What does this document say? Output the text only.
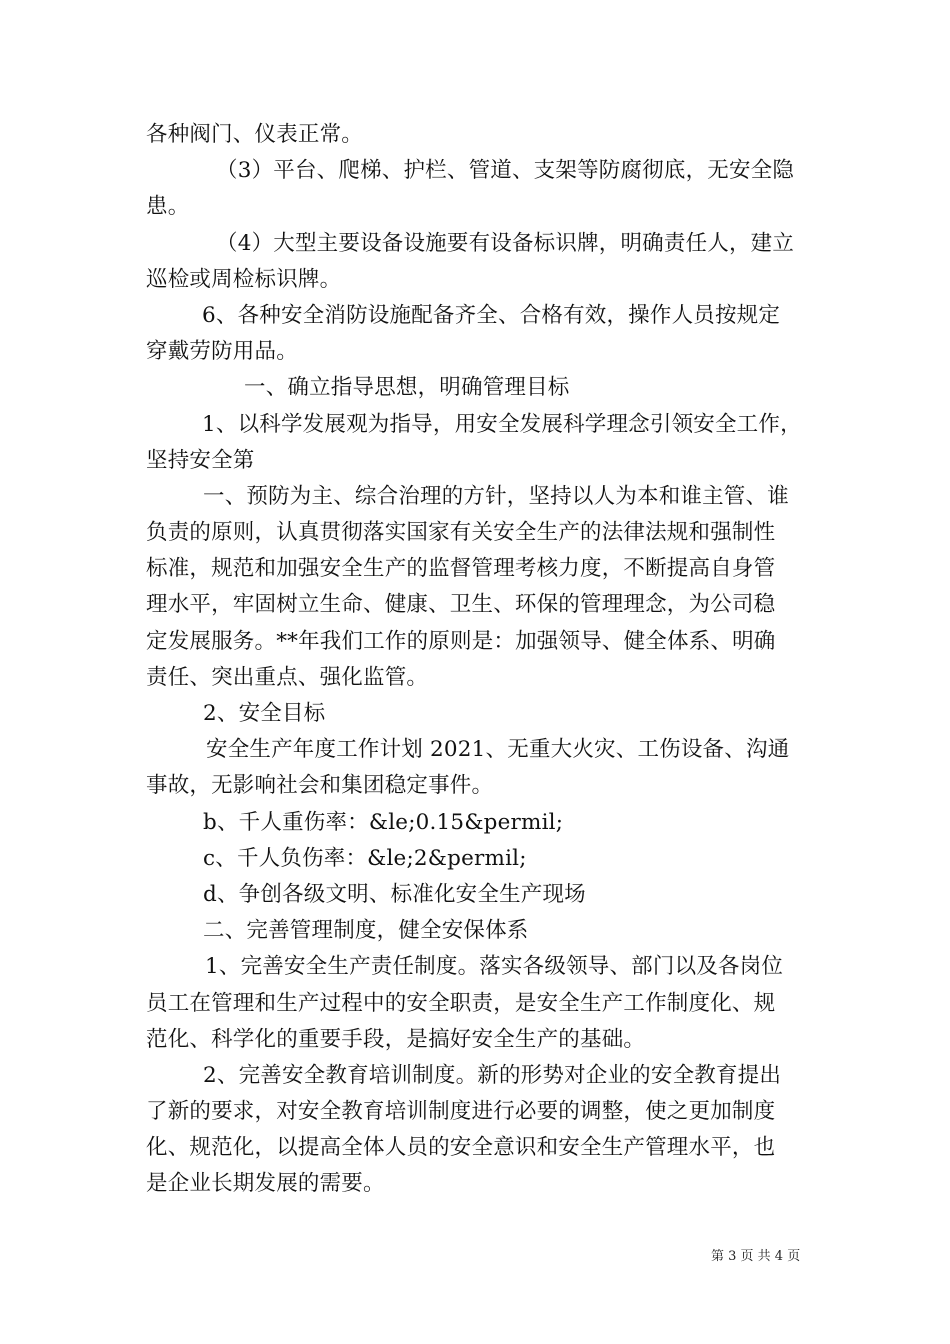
各种阀门、仪表正常。
（3）平台、爬梯、护栏、管道、支架等防腐彻底，无安全隐
患。
（4）大型主要设备设施要有设备标识牌，明确责任人，建立
巡检或周检标识牌。
6、各种安全消防设施配备齐全、合格有效，操作人员按规定
穿戴劳防用品。
一、确立指导思想，明确管理目标
1、以科学发展观为指导，用安全发展科学理念引领安全工作，
坚持安全第
一、预防为主、综合治理的方针，坚持以人为本和谁主管、谁
负责的原则，认真贯彻落实国家有关安全生产的法律法规和强制性
标准，规范和加强安全生产的监督管理考核力度，不断提高自身管
理水平，牢固树立生命、健康、卫生、环保的管理理念，为公司稳
定发展服务。**年我们工作的原则是：加强领导、健全体系、明确
责任、突出重点、强化监管。
2、安全目标
安全生产年度工作计划 2021、无重大火灾、工伤设备、沟通
事故，无影响社会和集团稳定事件。
b、千人重伤率：&le;0.15&permil;
c、千人负伤率：&le;2&permil;
d、争创各级文明、标准化安全生产现场
二、完善管理制度，健全安保体系
1、完善安全生产责任制度。落实各级领导、部门以及各岗位
员工在管理和生产过程中的安全职责，是安全生产工作制度化、规
范化、科学化的重要手段，是搞好安全生产的基础。
2、完善安全教育培训制度。新的形势对企业的安全教育提出
了新的要求，对安全教育培训制度进行必要的调整，使之更加制度
化、规范化，以提高全体人员的安全意识和安全生产管理水平，也
是企业长期发展的需要。
第 3 页 共 4 页
